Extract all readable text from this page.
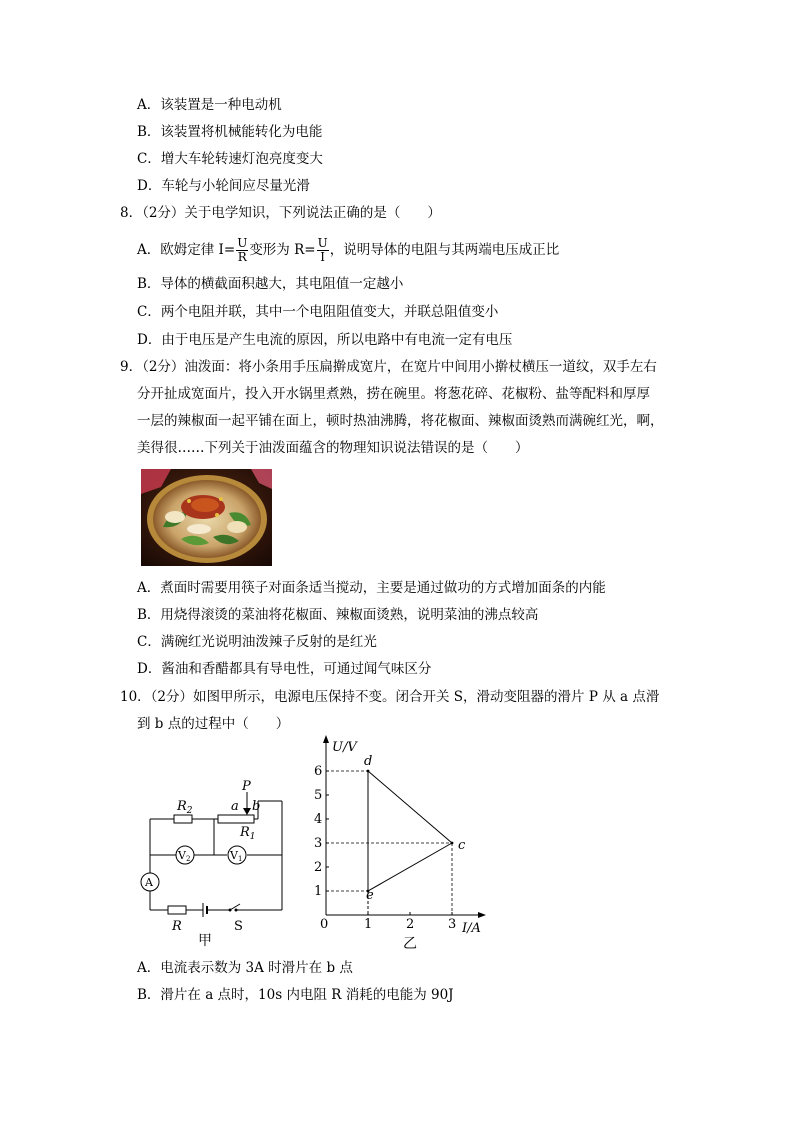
A．该装置是一种电动机
B．该装置将机械能转化为电能
C．增大车轮转速灯泡亮度变大
D．车轮与小轮间应尽量光滑
8．（2分）关于电学知识，下列说法正确的是（　　）
A．欧姆定律 $I= \frac{U}{R}$ 变形为 $R= \frac{U}{I}$ ，说明导体的电阻与其两端电压成正比
B．导体的横截面积越大，其电阻值一定越小
C．两个电阻并联，其中一个电阻阻值变大，并联总阻值变小
D．由于电压是产生电流的原因，所以电路中有电流一定有电压
9．（2分）油泼面：将小条用手压扁擀成宽片，在宽片中间用小擀杖横压一道纹，双手左右
分开扯成宽面片，投入开水锅里煮熟，捞在碗里。将葱花碎、花椒粉、盐等配料和厚厚
一层的辣椒面一起平铺在面上，顿时热油沸腾，将花椒面、辣椒面烫熟而满碗红光，啊，
美得很……下列关于油泼面蕴含的物理知识说法错误的是（　　）
A．煮面时需要用筷子对面条适当搅动，主要是通过做功的方式增加面条的内能
B．用烧得滚烫的菜油将花椒面、辣椒面烫熟，说明菜油的沸点较高
C．满碗红光说明油泼辣子反射的是红光
D．酱油和香醋都具有导电性，可通过闻气味区分
10．（2分）如图甲所示，电源电压保持不变。闭合开关 S，滑动变阻器的滑片 P 从 a 点滑
到 b 点的过程中（　　）
$R_2$
P
a b
$R_1$
V2	V1
A
R	S
甲
U/V
I/A
0
1
2
3
4
5
6
1	2	3
d
c
e
乙
A．电流表示数为 3A 时滑片在 b 点
B．滑片在 a 点时，10s 内电阻 R 消耗的电能为 90J
